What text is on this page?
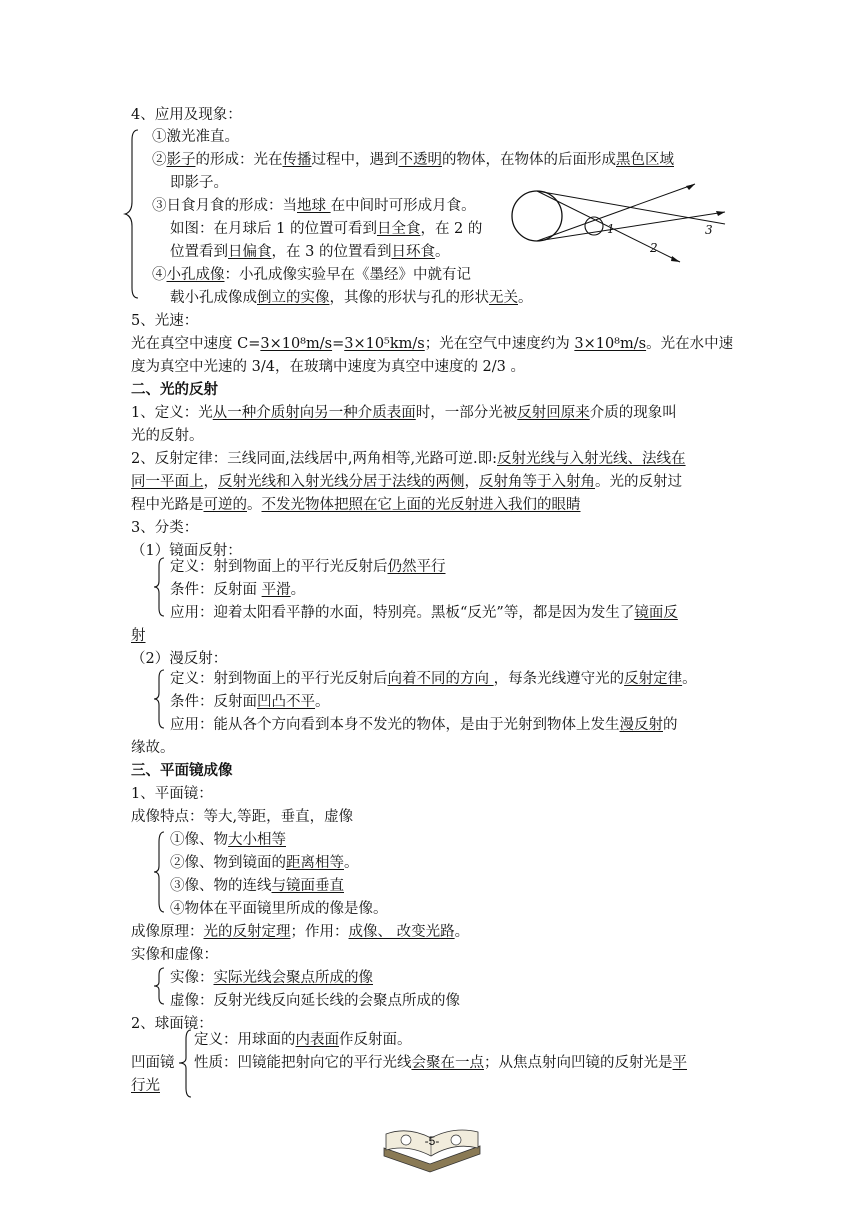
4、应用及现象：
①激光准直。
②影子的形成：光在传播过程中，遇到不透明的物体，在物体的后面形成黑色区域
即影子。
③日食月食的形成：当地球 在中间时可形成月食。
如图：在月球后 1 的位置可看到日全食，在 2 的
位置看到日偏食，在 3 的位置看到日环食。
④小孔成像：小孔成像实验早在《墨经》中就有记
载小孔成像成倒立的实像，其像的形状与孔的形状无关。
1
2
3
5、光速：
光在真空中速度 C=3×10⁸m/s=3×10⁵km/s；光在空气中速度约为 3×10⁸m/s。光在水中速
度为真空中光速的 3/4，在玻璃中速度为真空中速度的 2/3 。
二、光的反射
1、定义：光从一种介质射向另一种介质表面时，一部分光被反射回原来介质的现象叫
光的反射。
2、反射定律：三线同面,法线居中,两角相等,光路可逆.即:反射光线与入射光线、法线在
同一平面上，反射光线和入射光线分居于法线的两侧，反射角等于入射角。光的反射过
程中光路是可逆的。不发光物体把照在它上面的光反射进入我们的眼睛
3、分类：
（1）镜面反射：
定义：射到物面上的平行光反射后仍然平行
条件：反射面 平滑。
应用：迎着太阳看平静的水面，特别亮。黑板“反光”等，都是因为发生了镜面反
射
（2）漫反射：
定义：射到物面上的平行光反射后向着不同的方向 ，每条光线遵守光的反射定律。
条件：反射面凹凸不平。
应用：能从各个方向看到本身不发光的物体，是由于光射到物体上发生漫反射的
缘故。
三、平面镜成像
1、平面镜：
成像特点：等大,等距，垂直，虚像
①像、物大小相等
②像、物到镜面的距离相等。
③像、物的连线与镜面垂直
④物体在平面镜里所成的像是像。
成像原理：光的反射定理；作用：成像、 改变光路。
实像和虚像：
实像：实际光线会聚点所成的像
虚像：反射光线反向延长线的会聚点所成的像
2、球面镜：
凹面镜
定义：用球面的内表面作反射面。
性质：凹镜能把射向它的平行光线会聚在一点；从焦点射向凹镜的反射光是平
行光
-5-
